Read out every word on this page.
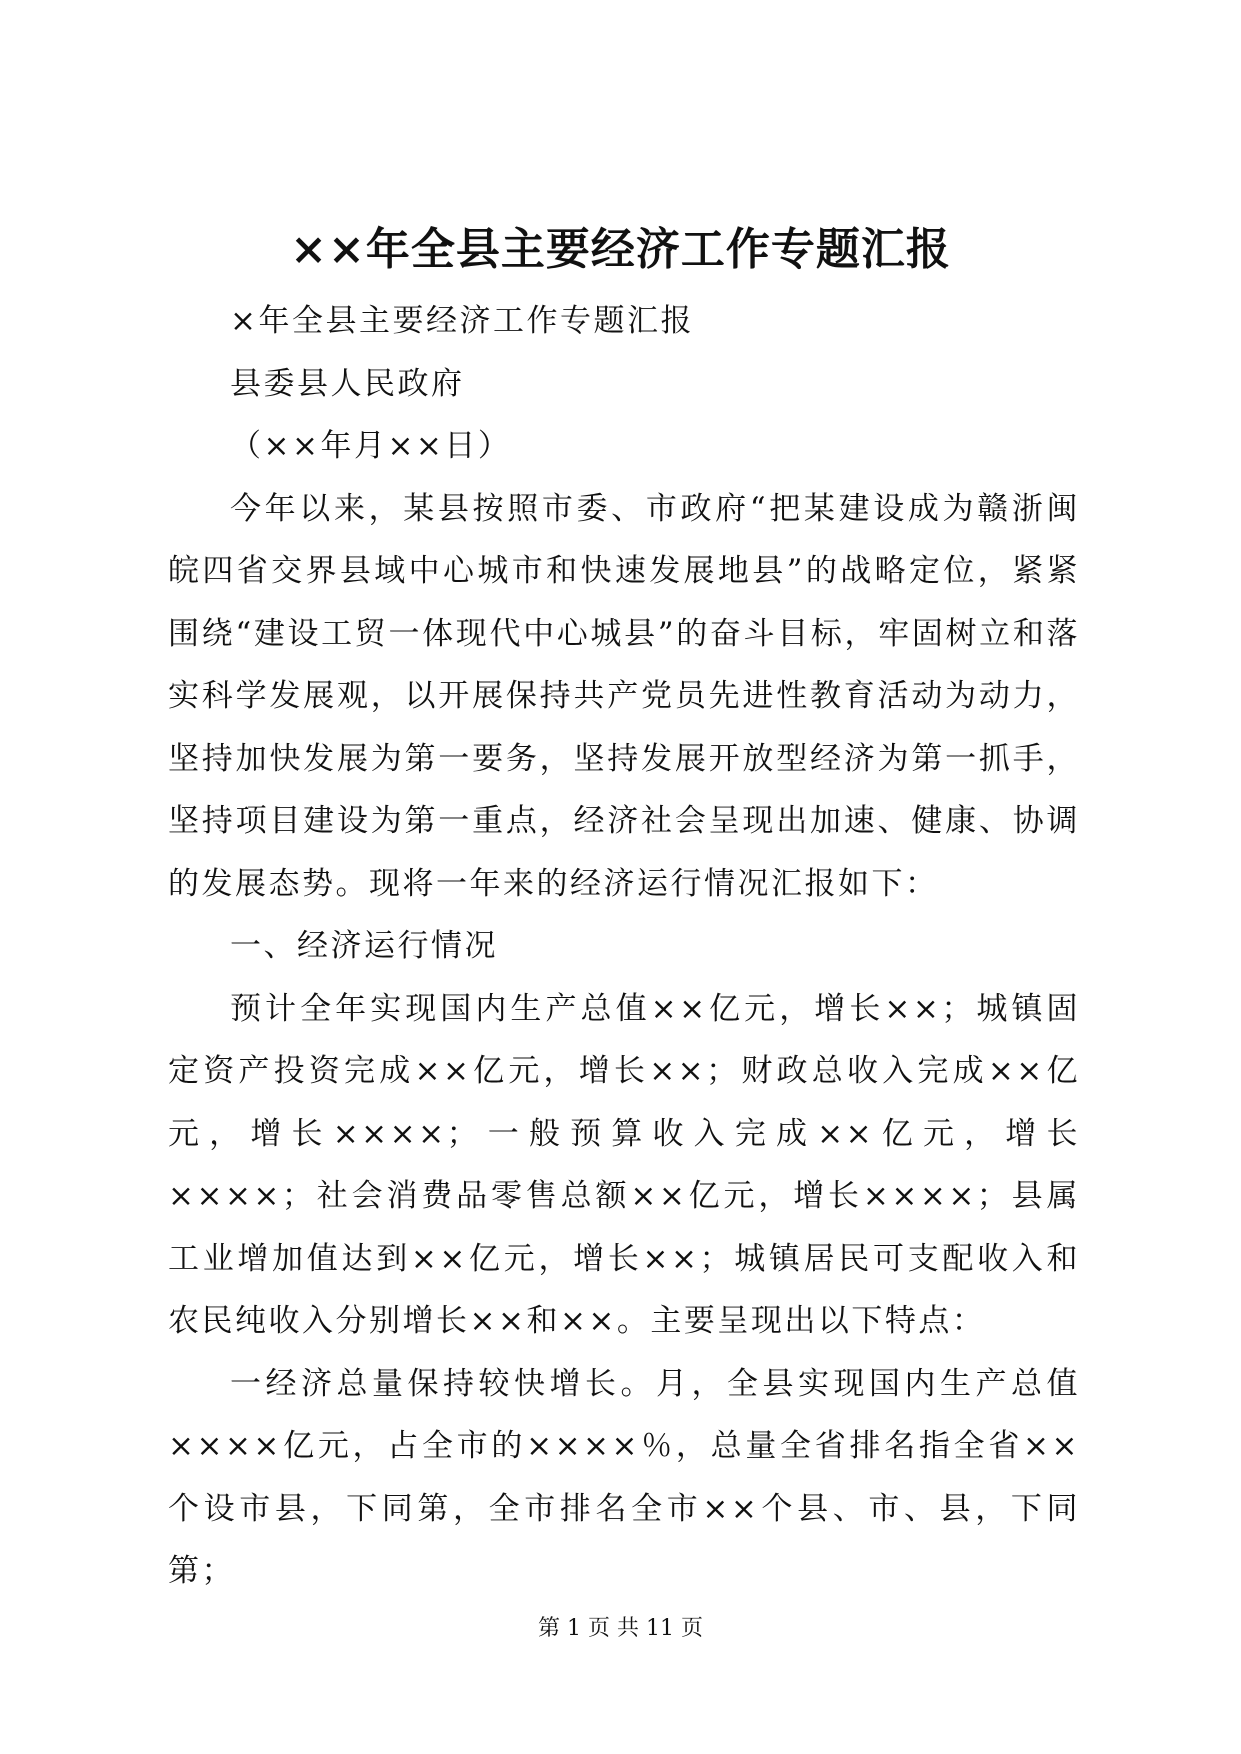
××年全县主要经济工作专题汇报

×年全县主要经济工作专题汇报

县委县人民政府

（××年月××日）

今年以来，某县按照市委、市政府“把某建设成为赣浙闽皖四省交界县域中心城市和快速发展地县”的战略定位，紧紧围绕“建设工贸一体现代中心城县”的奋斗目标，牢固树立和落实科学发展观，以开展保持共产党员先进性教育活动为动力，坚持加快发展为第一要务，坚持发展开放型经济为第一抓手，坚持项目建设为第一重点，经济社会呈现出加速、健康、协调的发展态势。现将一年来的经济运行情况汇报如下：

一、经济运行情况

预计全年实现国内生产总值××亿元，增长××；城镇固定资产投资完成××亿元，增长××；财政总收入完成××亿元，增长××××；一般预算收入完成××亿元，增长××××；社会消费品零售总额××亿元，增长××××；县属工业增加值达到××亿元，增长××；城镇居民可支配收入和农民纯收入分别增长××和××。主要呈现出以下特点：

一经济总量保持较快增长。月，全县实现国内生产总值××××亿元，占全市的××××％，总量全省排名指全省××个设市县，下同第，全市排名全市××个县、市、县，下同第；

第 1 页 共 11 页
